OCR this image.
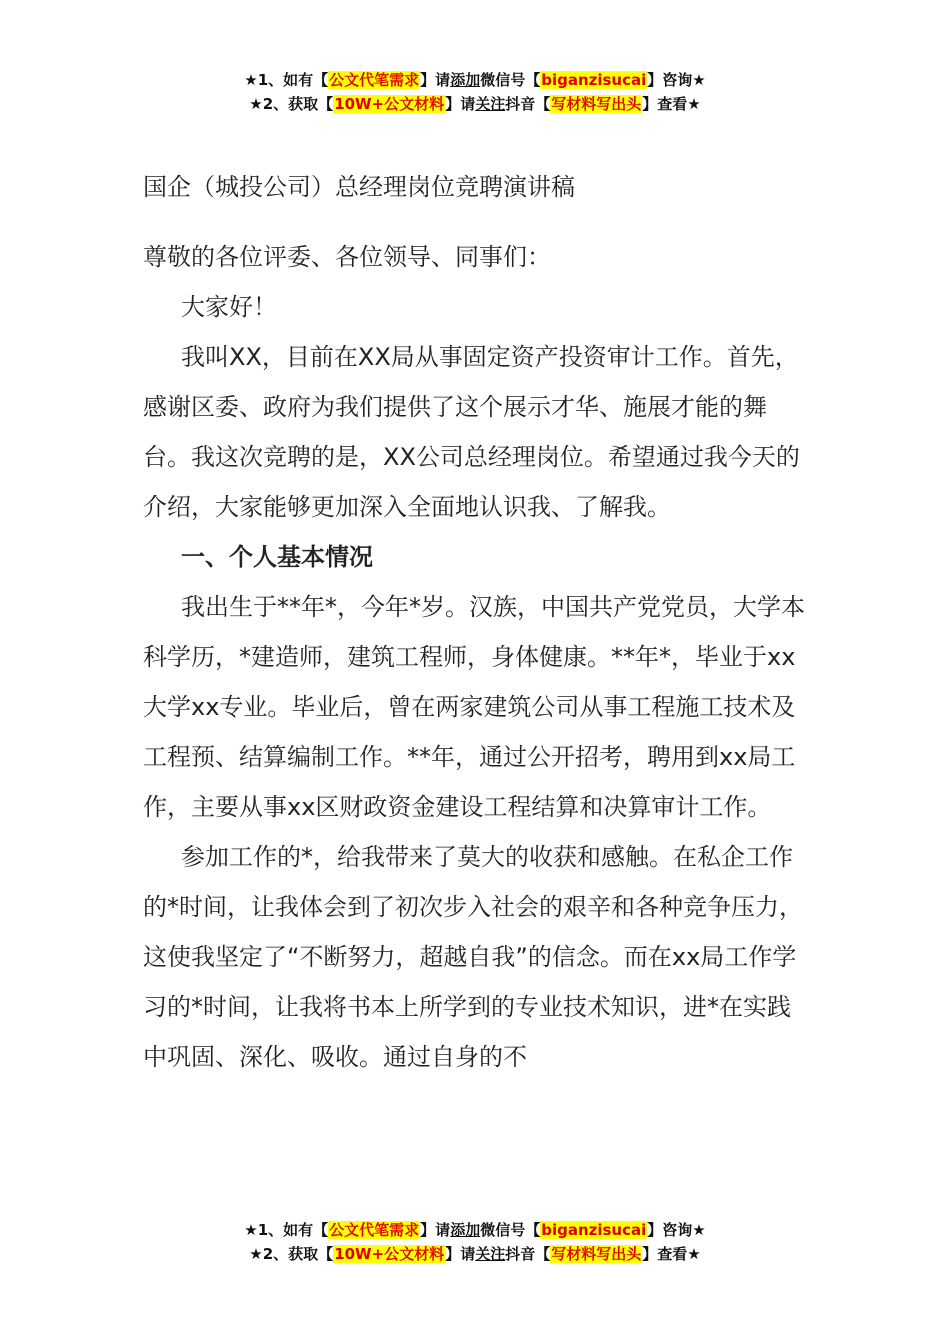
★1、如有【公文代笔需求】请添加微信号【biganzisucai】咨询★
★2、获取【10W+公文材料】请关注抖音【写材料写出头】查看★

国企（城投公司）总经理岗位竞聘演讲稿

尊敬的各位评委、各位领导、同事们：

大家好！

我叫XX，目前在XX局从事固定资产投资审计工作。首先，感谢区委、政府为我们提供了这个展示才华、施展才能的舞台。我这次竞聘的是，XX公司总经理岗位。希望通过我今天的介绍，大家能够更加深入全面地认识我、了解我。

一、个人基本情况

我出生于**年*，今年*岁。汉族，中国共产党党员，大学本科学历，*建造师，建筑工程师，身体健康。**年*，毕业于xx大学xx专业。毕业后，曾在两家建筑公司从事工程施工技术及工程预、结算编制工作。**年，通过公开招考，聘用到xx局工作，主要从事xx区财政资金建设工程结算和决算审计工作。

参加工作的*，给我带来了莫大的收获和感触。在私企工作的*时间，让我体会到了初次步入社会的艰辛和各种竞争压力，这使我坚定了“不断努力，超越自我”的信念。而在xx局工作学习的*时间，让我将书本上所学到的专业技术知识，进*在实践中巩固、深化、吸收。通过自身的不

★1、如有【公文代笔需求】请添加微信号【biganzisucai】咨询★
★2、获取【10W+公文材料】请关注抖音【写材料写出头】查看★
